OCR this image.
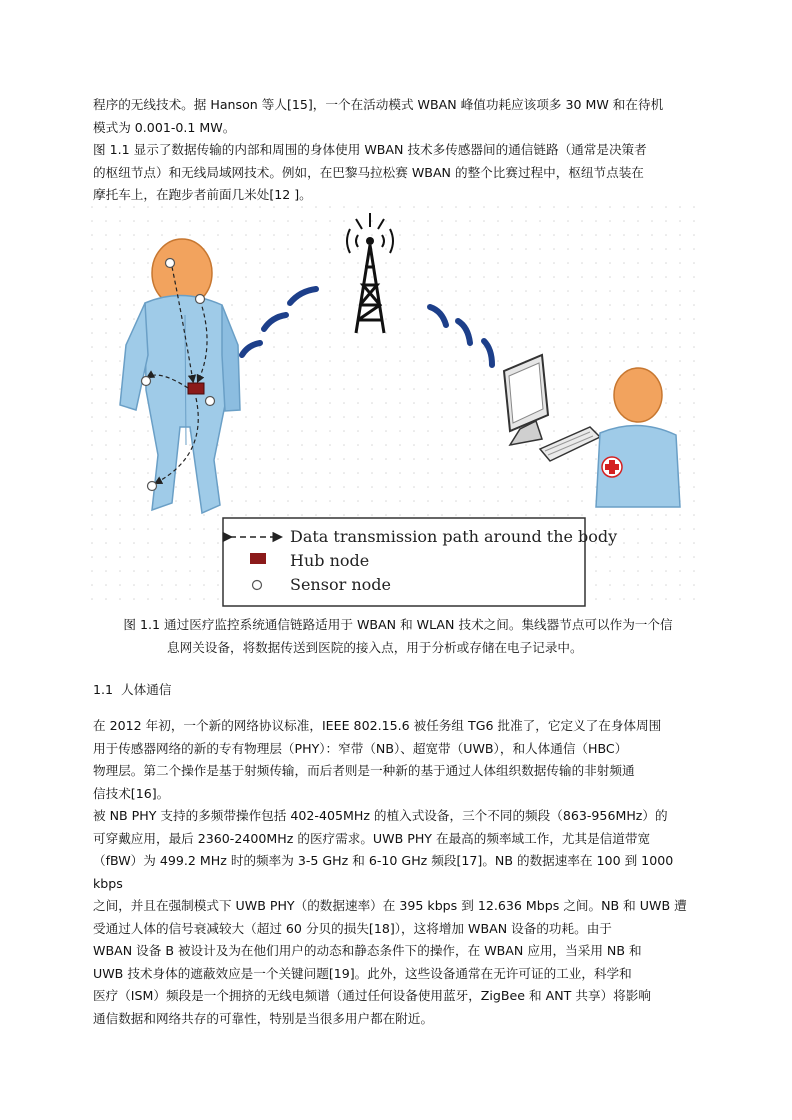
程序的无线技术。据 Hanson 等人[15]，一个在活动模式 WBAN 峰值功耗应该项多 30 MW 和在待机
模式为 0.001-0.1 MW。
图 1.1 显示了数据传输的内部和周围的身体使用 WBAN 技术多传感器间的通信链路（通常是决策者
的枢纽节点）和无线局域网技术。例如，在巴黎马拉松赛 WBAN 的整个比赛过程中，枢纽节点装在
摩托车上，在跑步者前面几米处[12 ]。
Data transmission path around the body
Hub node
Sensor node
图 1.1 通过医疗监控系统通信链路适用于 WBAN 和 WLAN 技术之间。集线器节点可以作为一个信
息网关设备，将数据传送到医院的接入点，用于分析或存储在电子记录中。
1.1 人体通信
在 2012 年初，一个新的网络协议标准，IEEE 802.15.6 被任务组 TG6 批准了，它定义了在身体周围
用于传感器网络的新的专有物理层（PHY）：窄带（NB）、超宽带（UWB），和人体通信（HBC）
物理层。第二个操作是基于射频传输，而后者则是一种新的基于通过人体组织数据传输的非射频通
信技术[16]。
被 NB PHY 支持的多频带操作包括 402-405MHz 的植入式设备，三个不同的频段（863-956MHz）的
可穿戴应用，最后 2360-2400MHz 的医疗需求。UWB PHY 在最高的频率域工作，尤其是信道带宽
（fBW）为 499.2 MHz 时的频率为 3-5 GHz 和 6-10 GHz 频段[17]。NB 的数据速率在 100 到 1000 kbps
之间，并且在强制模式下 UWB PHY（的数据速率）在 395 kbps 到 12.636 Mbps 之间。NB 和 UWB 遭
受通过人体的信号衰减较大（超过 60 分贝的损失[18]），这将增加 WBAN 设备的功耗。由于
WBAN 设备 B 被设计及为在他们用户的动态和静态条件下的操作，在 WBAN 应用，当采用 NB 和
UWB 技术身体的遮蔽效应是一个关键问题[19]。此外，这些设备通常在无许可证的工业，科学和
医疗（ISM）频段是一个拥挤的无线电频谱（通过任何设备使用蓝牙，ZigBee 和 ANT 共享）将影响
通信数据和网络共存的可靠性，特别是当很多用户都在附近。
